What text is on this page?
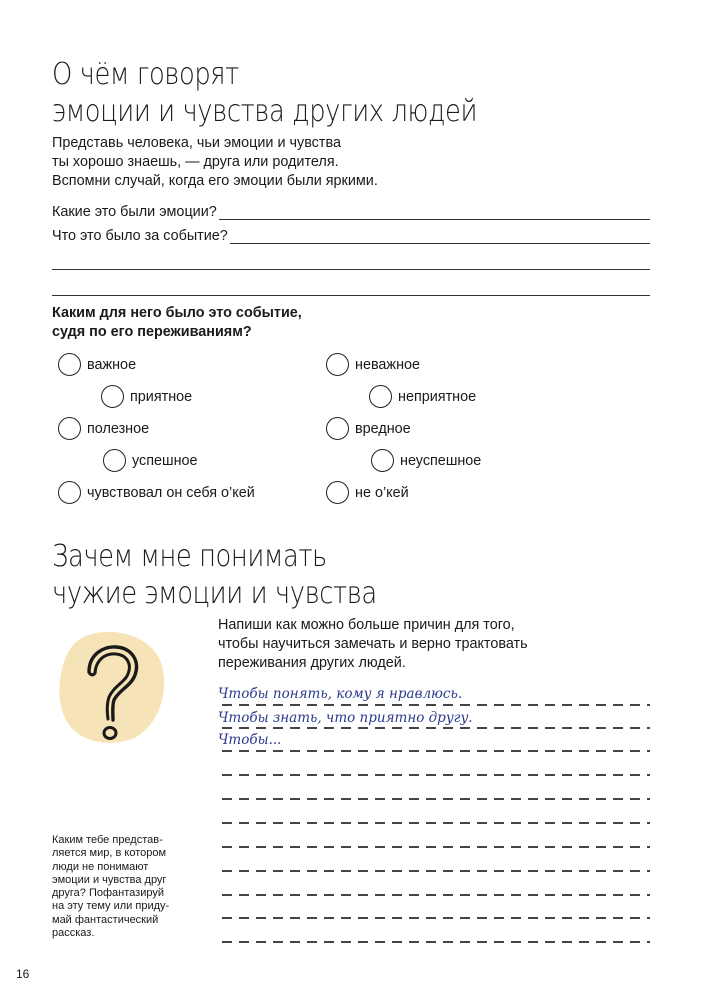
О чём говорят
эмоции и чувства других людей
Представь человека, чьи эмоции и чувства
ты хорошо знаешь, — друга или родителя.
Вспомни случай, когда его эмоции были яркими.
Какие это были эмоции?
Что это было за событие?
Каким для него было это событие,
судя по его переживаниям?
важное	неважное
приятное	неприятное
полезное	вредное
успешное	неуспешное
чувствовал он себя о’кей	не о’кей
Зачем мне понимать
чужие эмоции и чувства
Напиши как можно больше причин для того,
чтобы научиться замечать и верно трактовать
переживания других людей.
Чтобы понять, кому я нравлюсь.
Чтобы знать, что приятно другу.
Чтобы...
Каким тебе представ-
ляется мир, в котором
люди не понимают
эмоции и чувства друг
друга? Пофантазируй
на эту тему или приду-
май фантастический
рассказ.
16
